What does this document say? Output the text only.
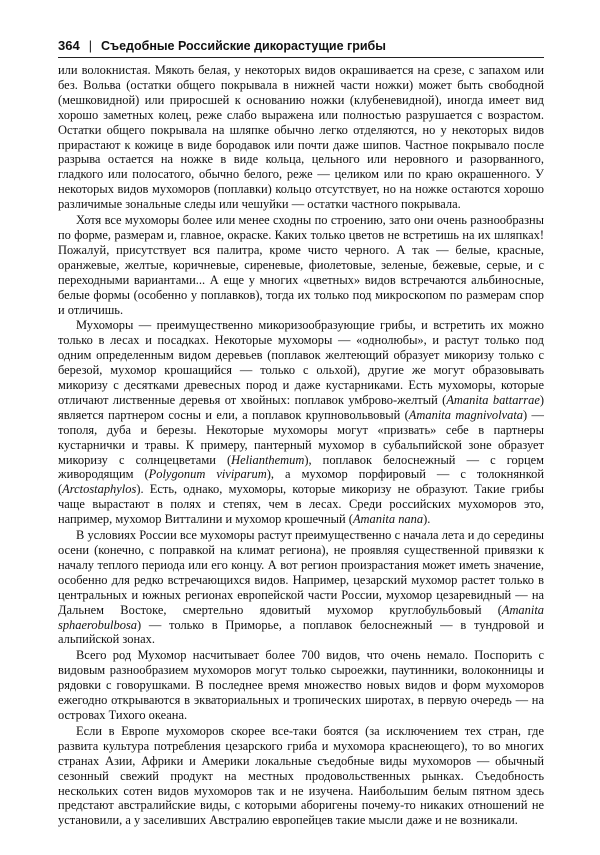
364 | Съедобные Российские дикорастущие грибы

или волокнистая. Мякоть белая, у некоторых видов окрашивается на срезе, с запахом или без. Вольва (остатки общего покрывала в нижней части ножки) может быть свободной (мешковидной) или приросшей к основанию ножки (клубеневидной), иногда имеет вид хорошо заметных колец, реже слабо выражена или полностью разрушается с возрастом. Остатки общего покрывала на шляпке обычно легко отделяются, но у некоторых видов прирастают к кожице в виде бородавок или почти даже шипов. Частное покрывало после разрыва остается на ножке в виде кольца, цельного или неровного и разорванного, гладкого или полосатого, обычно белого, реже — целиком или по краю окрашенного. У некоторых видов мухоморов (поплавки) кольцо отсутствует, но на ножке остаются хорошо различимые зональные следы или чешуйки — остатки частного покрывала.

Хотя все мухоморы более или менее сходны по строению, зато они очень разнообразны по форме, размерам и, главное, окраске. Каких только цветов не встретишь на их шляпках! Пожалуй, присутствует вся палитра, кроме чисто черного. А так — белые, красные, оранжевые, желтые, коричневые, сиреневые, фиолетовые, зеленые, бежевые, серые, и с переходными вариантами... А еще у многих «цветных» видов встречаются альбиносные, белые формы (особенно у поплавков), тогда их только под микроскопом по размерам спор и отличишь.

Мухоморы — преимущественно микоризообразующие грибы, и встретить их можно только в лесах и посадках. Некоторые мухоморы — «однолюбы», и растут только под одним определенным видом деревьев (поплавок желтеющий образует микоризу только с березой, мухомор крошащийся — только с ольхой), другие же могут образовывать микоризу с десятками древесных пород и даже кустарниками. Есть мухоморы, которые отличают лиственные деревья от хвойных: поплавок умброво-желтый (Amanita battarrae) является партнером сосны и ели, а поплавок крупновольвовый (Amanita magnivolvata) — тополя, дуба и березы. Некоторые мухоморы могут «призвать» себе в партнеры кустарнички и травы. К примеру, пантерный мухомор в субальпийской зоне образует микоризу с солнцецветами (Helianthemum), поплавок белоснежный — с горцем живородящим (Polygonum viviparum), а мухомор порфировый — с толокнянкой (Arctostaphylos). Есть, однако, мухоморы, которые микоризу не образуют. Такие грибы чаще вырастают в полях и степях, чем в лесах. Среди российских мухоморов это, например, мухомор Витталини и мухомор крошечный (Amanita nana).

В условиях России все мухоморы растут преимущественно с начала лета и до середины осени (конечно, с поправкой на климат региона), не проявляя существенной привязки к началу теплого периода или его концу. А вот регион произрастания может иметь значение, особенно для редко встречающихся видов. Например, цезарский мухомор растет только в центральных и южных регионах европейской части России, мухомор цезаревидный — на Дальнем Востоке, смертельно ядовитый мухомор круглобульбовый (Amanita sphaerobulbosa) — только в Приморье, а поплавок белоснежный — в тундровой и альпийской зонах.

Всего род Мухомор насчитывает более 700 видов, что очень немало. Поспорить с видовым разнообразием мухоморов могут только сыроежки, паутинники, волоконницы и рядовки с говорушками. В последнее время множество новых видов и форм мухоморов ежегодно открываются в экваториальных и тропических широтах, в первую очередь — на островах Тихого океана.

Если в Европе мухоморов скорее все-таки боятся (за исключением тех стран, где развита культура потребления цезарского гриба и мухомора краснеющего), то во многих странах Азии, Африки и Америки локальные съедобные виды мухоморов — обычный сезонный свежий продукт на местных продовольственных рынках. Съедобность нескольких сотен видов мухоморов так и не изучена. Наибольшим белым пятном здесь предстают австралийские виды, с которыми аборигены почему-то никаких отношений не установили, а у заселивших Австралию европейцев такие мысли даже и не возникали.
